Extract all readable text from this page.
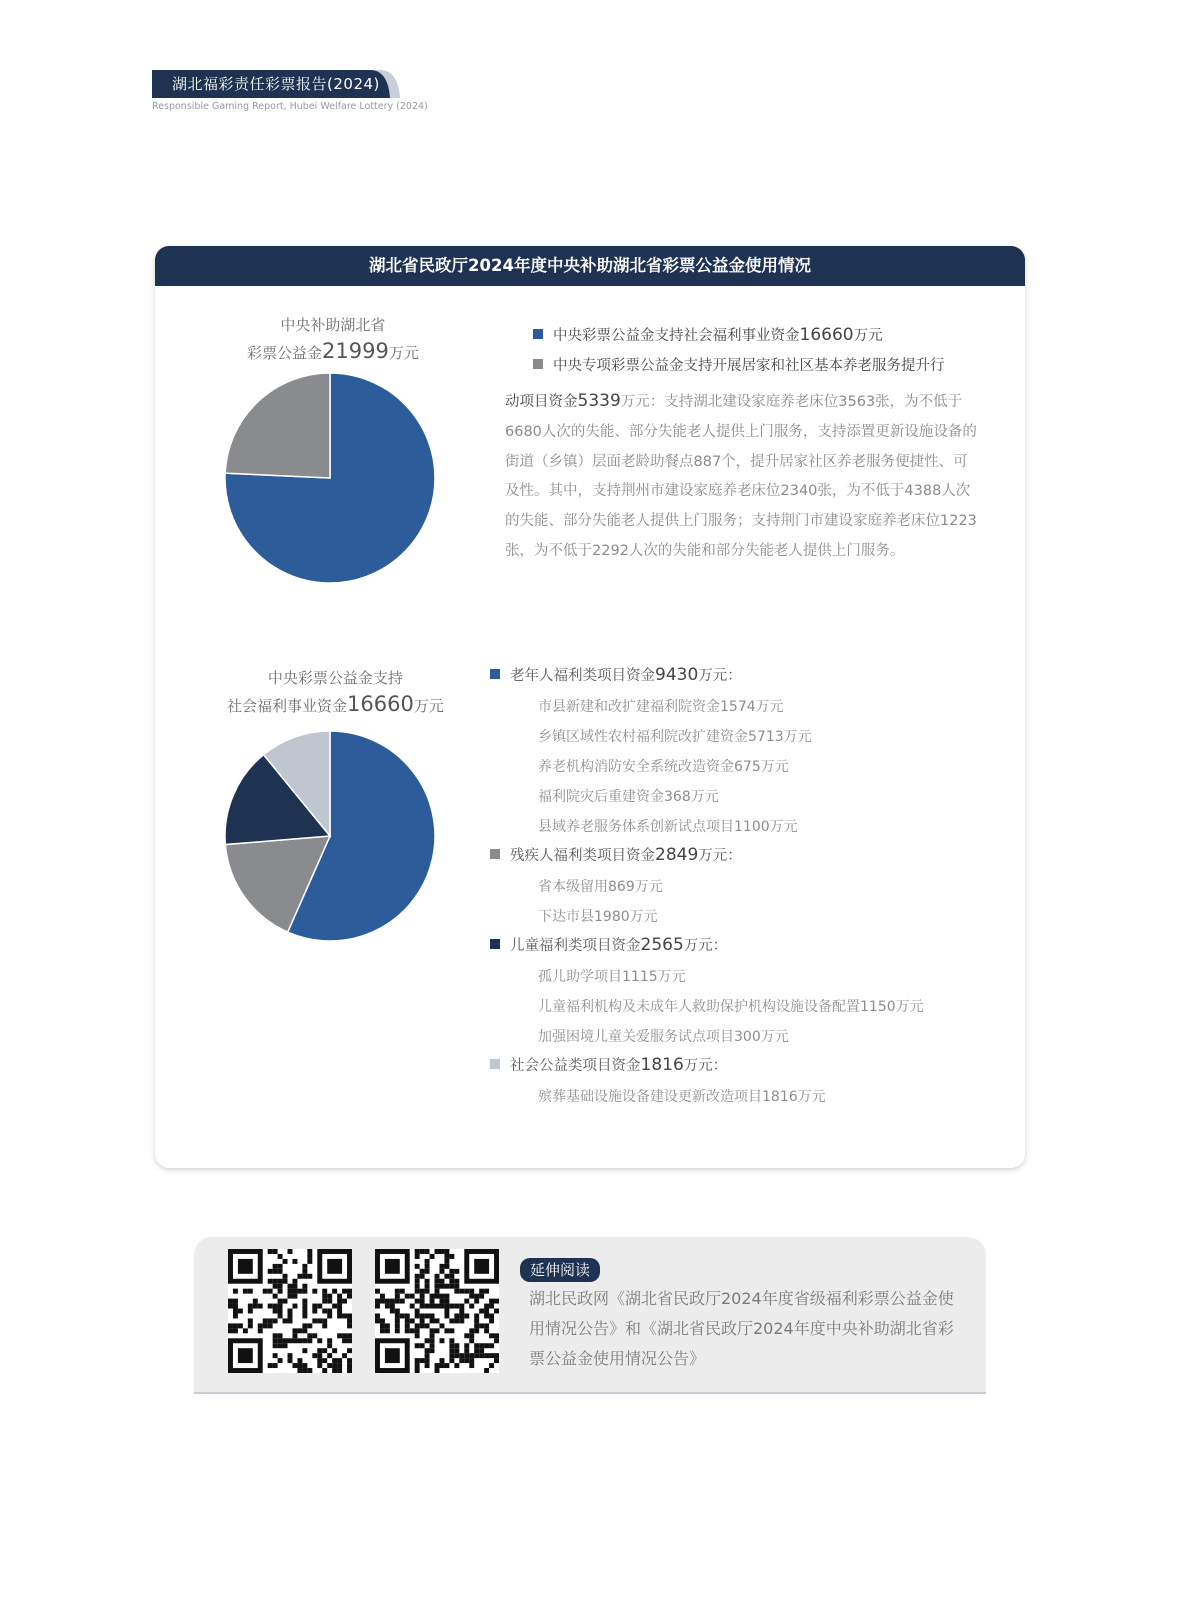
湖北福彩责任彩票报告(2024)
Responsible Gaming Report, Hubei Welfare Lottery (2024)
湖北省民政厅2024年度中央补助湖北省彩票公益金使用情况
中央补助湖北省
彩票公益金21999万元
中央彩票公益金支持社会福利事业资金16660万元
中央专项彩票公益金支持开展居家和社区基本养老服务提升行
动项目资金5339万元：支持湖北建设家庭养老床位3563张，为不低于6680人次的失能、部分失能老人提供上门服务，支持添置更新设施设备的街道（乡镇）层面老龄助餐点887个，提升居家社区养老服务便捷性、可及性。其中，支持荆州市建设家庭养老床位2340张，为不低于4388人次的失能、部分失能老人提供上门服务；支持荆门市建设家庭养老床位1223张，为不低于2292人次的失能和部分失能老人提供上门服务。
中央彩票公益金支持
社会福利事业资金16660万元
老年人福利类项目资金9430万元：
市县新建和改扩建福利院资金1574万元
乡镇区域性农村福利院改扩建资金5713万元
养老机构消防安全系统改造资金675万元
福利院灾后重建资金368万元
县域养老服务体系创新试点项目1100万元
残疾人福利类项目资金2849万元：
省本级留用869万元
下达市县1980万元
儿童福利类项目资金2565万元：
孤儿助学项目1115万元
儿童福利机构及未成年人救助保护机构设施设备配置1150万元
加强困境儿童关爱服务试点项目300万元
社会公益类项目资金1816万元：
殡葬基础设施设备建设更新改造项目1816万元
延伸阅读
湖北民政网《湖北省民政厅2024年度省级福利彩票公益金使用情况公告》和《湖北省民政厅2024年度中央补助湖北省彩票公益金使用情况公告》
